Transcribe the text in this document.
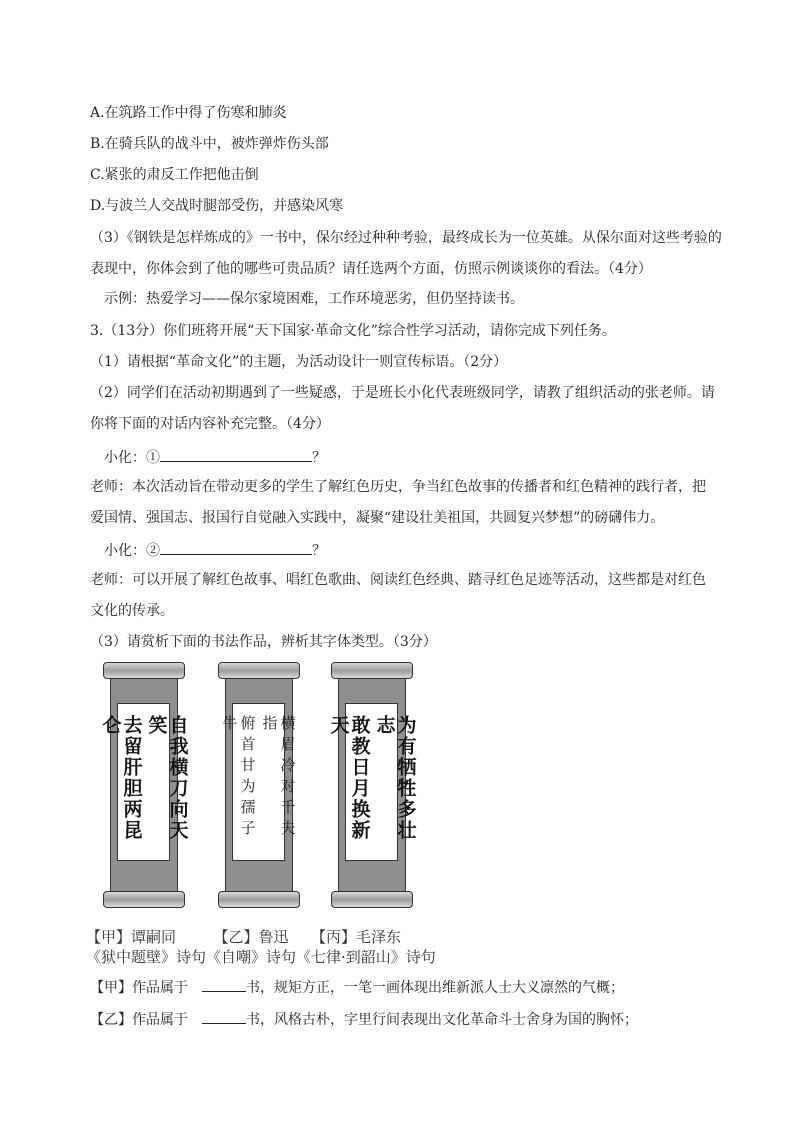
A.在筑路工作中得了伤寒和肺炎
B.在骑兵队的战斗中，被炸弹炸伤头部
C.紧张的肃反工作把他击倒
D.与波兰人交战时腿部受伤，并感染风寒
（3）《钢铁是怎样炼成的》一书中，保尔经过种种考验，最终成长为一位英雄。从保尔面对这些考验的
表现中，你体会到了他的哪些可贵品质？请任选两个方面，仿照示例谈谈你的看法。（4分）
示例：热爱学习——保尔家境困难，工作环境恶劣，但仍坚持读书。
3.（13分）你们班将开展“天下国家·革命文化”综合性学习活动，请你完成下列任务。
（1）请根据“革命文化”的主题，为活动设计一则宣传标语。（2分）
（2）同学们在活动初期遇到了一些疑惑，于是班长小化代表班级同学，请教了组织活动的张老师。请
你将下面的对话内容补充完整。（4分）
小化：①	？
老师：本次活动旨在带动更多的学生了解红色历史，争当红色故事的传播者和红色精神的践行者，把
爱国情、强国志、报国行自觉融入实践中，凝聚“建设壮美祖国，共圆复兴梦想”的磅礴伟力。
小化：②	？
老师：可以开展了解红色故事、唱红色歌曲、阅读红色经典、踏寻红色足迹等活动，这些都是对红色
文化的传承。
（3）请赏析下面的书法作品，辨析其字体类型。（3分）
自我横刀向天笑
去留肝胆两昆仑	横眉冷对千夫指
俯首甘为孺子牛	为有牺牲多壮志
敢教日月换新天
【甲】谭嗣同　　　【乙】鲁迅　　【丙】毛泽东
《狱中题壁》诗句《自嘲》诗句《七律·到韶山》诗句
【甲】作品属于　	书，规矩方正，一笔一画体现出维新派人士大义凛然的气概；
【乙】作品属于　	书，风格古朴，字里行间表现出文化革命斗士舍身为国的胸怀；
